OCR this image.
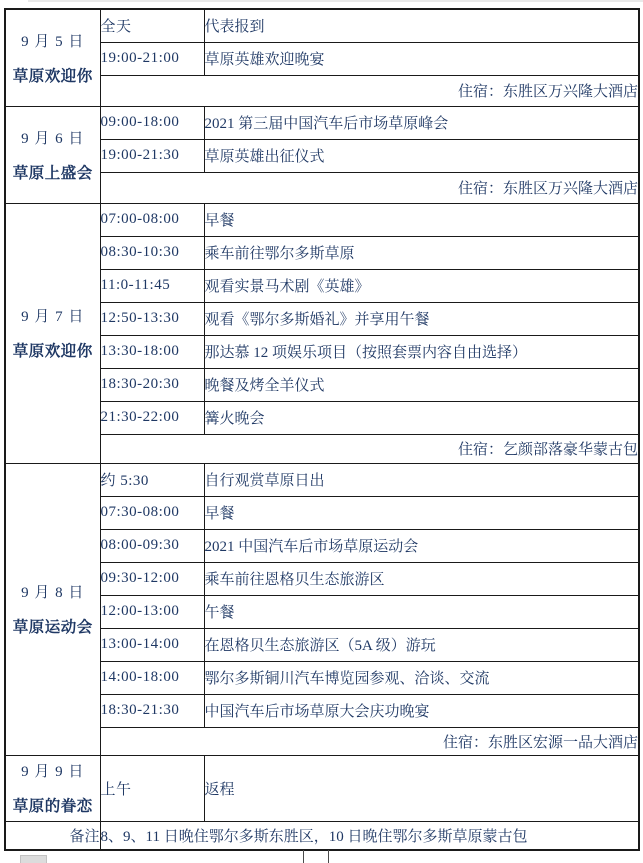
9 月 5 日
草原欢迎你	全天	代表报到
	19:00-21:00	草原英雄欢迎晚宴
	住宿：东胜区万兴隆大酒店	

9 月 6 日
草原上盛会	09:00-18:00	2021 第三届中国汽车后市场草原峰会
	19:00-21:30	草原英雄出征仪式
	住宿：东胜区万兴隆大酒店	

9 月 7 日
草原欢迎你	07:00-08:00	早餐
	08:30-10:30	乘车前往鄂尔多斯草原
	11:0-11:45	观看实景马术剧《英雄》
	12:50-13:30	观看《鄂尔多斯婚礼》并享用午餐
	13:30-18:00	那达慕 12 项娱乐项目（按照套票内容自由选择）
	18:30-20:30	晚餐及烤全羊仪式
	21:30-22:00	篝火晚会
	住宿：乞颜部落豪华蒙古包	

9 月 8 日
草原运动会	约 5:30	自行观赏草原日出
	07:30-08:00	早餐
	08:00-09:30	2021 中国汽车后市场草原运动会
	09:30-12:00	乘车前往恩格贝生态旅游区
	12:00-13:00	午餐
	13:00-14:00	在恩格贝生态旅游区（5A 级）游玩
	14:00-18:00	鄂尔多斯铜川汽车博览园参观、洽谈、交流
	18:30-21:30	中国汽车后市场草原大会庆功晚宴
	住宿：东胜区宏源一品大酒店	

9 月 9 日
草原的眷恋	上午	返程
备注	8、9、11 日晚住鄂尔多斯东胜区，10 日晚住鄂尔多斯草原蒙古包	
